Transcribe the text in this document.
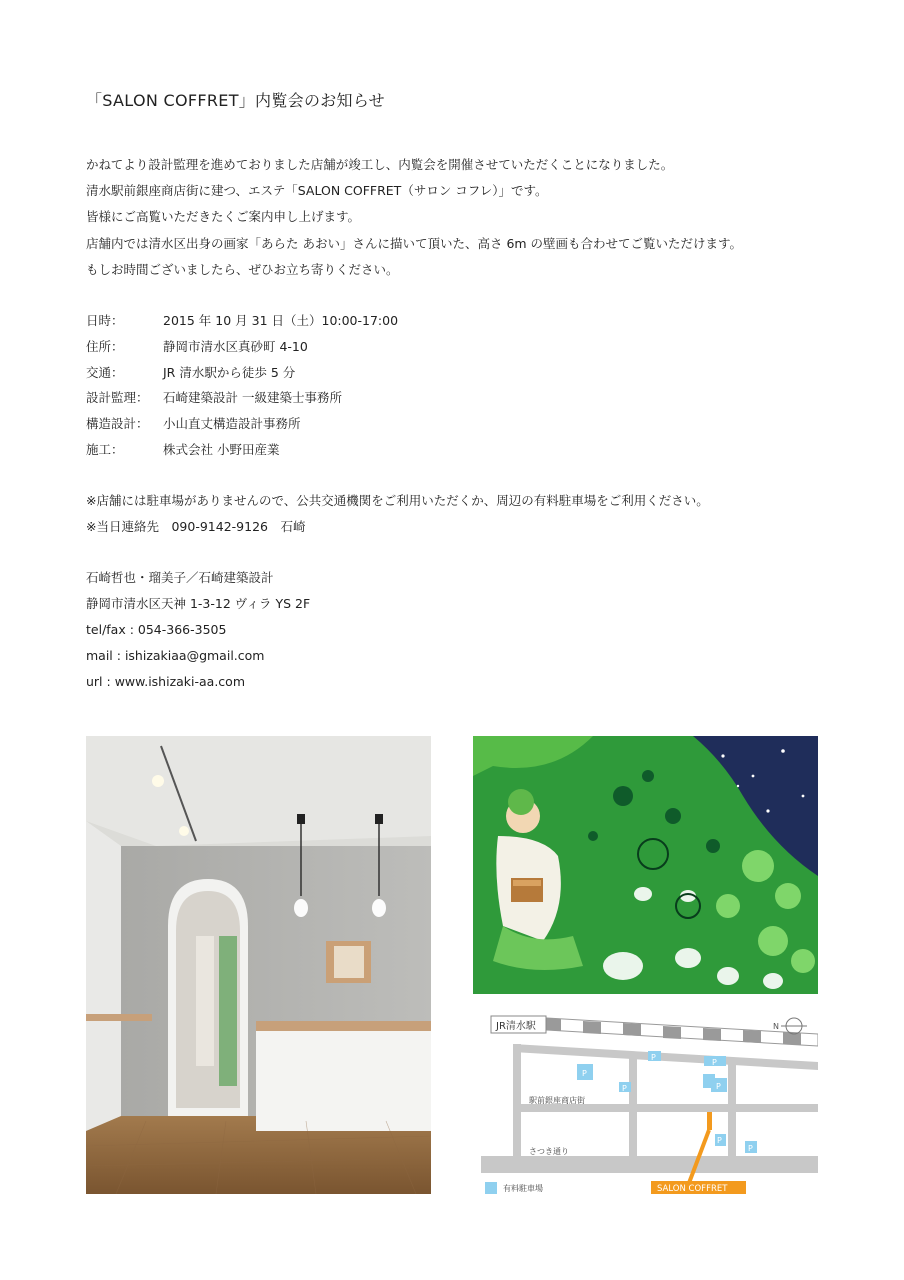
「SALON COFFRET」内覧会のお知らせ
かねてより設計監理を進めておりました店舗が竣工し、内覧会を開催させていただくことになりました。
清水駅前銀座商店街に建つ、エステ「SALON COFFRET（サロン コフレ）」です。
皆様にご高覧いただきたくご案内申し上げます。
店舗内では清水区出身の画家「あらた あおい」さんに描いて頂いた、高さ 6m の壁画も合わせてご覧いただけます。
もしお時間ございましたら、ぜひお立ち寄りください。
日時：	2015 年 10 月 31 日（土）10:00-17:00
住所：	静岡市清水区真砂町 4-10
交通：	JR 清水駅から徒歩 5 分
設計監理：	石崎建築設計 一級建築士事務所
構造設計：	小山直丈構造設計事務所
施工：	株式会社 小野田産業
※店舗には駐車場がありませんので、公共交通機関をご利用いただくか、周辺の有料駐車場をご利用ください。
※当日連絡先　090-9142-9126　石崎
石崎哲也・瑠美子／石崎建築設計
静岡市清水区天神 1-3-12 ヴィラ YS 2F
tel/fax : 054-366-3505
mail : ishizakiaa@gmail.com
url : www.ishizaki-aa.com
JR清水駅	N
P
P
P
P	P
P
P
駅前銀座商店街
さつき通り
有料駐車場	SALON COFFRET
